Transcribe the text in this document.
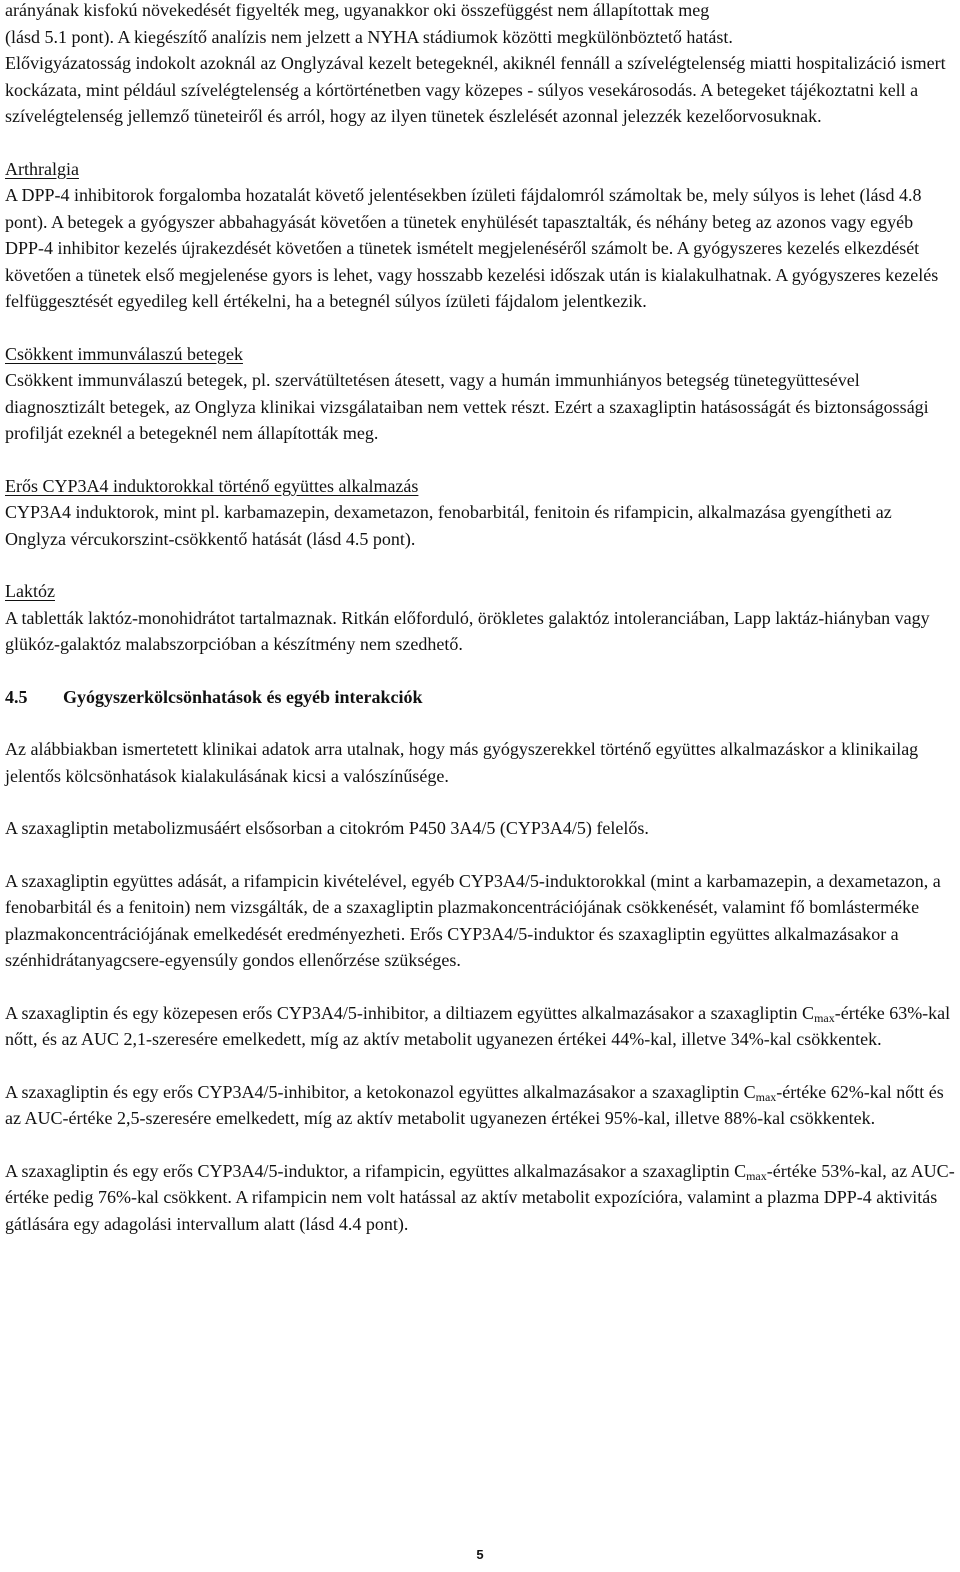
arányának kisfokú növekedését figyelték meg, ugyanakkor oki összefüggést nem állapítottak meg

(lásd 5.1 pont). A kiegészítő analízis nem jelzett a NYHA stádiumok közötti megkülönböztető hatást.

Elővigyázatosság indokolt azoknál az Onglyzával kezelt betegeknél, akiknél fennáll a szívelégtelenség miatti hospitalizáció ismert kockázata, mint például szívelégtelenség a kórtörténetben vagy közepes - súlyos vesekárosodás. A betegeket tájékoztatni kell a szívelégtelenség jellemző tüneteiről és arról, hogy az ilyen tünetek észlelését azonnal jelezzék kezelőorvosuknak.

Arthralgia

A DPP-4 inhibitorok forgalomba hozatalát követő jelentésekben ízületi fájdalomról számoltak be, mely súlyos is lehet (lásd 4.8 pont). A betegek a gyógyszer abbahagyását követően a tünetek enyhülését tapasztalták, és néhány beteg az azonos vagy egyéb DPP-4 inhibitor kezelés újrakezdését követően a tünetek ismételt megjelenéséről számolt be. A gyógyszeres kezelés elkezdését követően a tünetek első megjelenése gyors is lehet, vagy hosszabb kezelési időszak után is kialakulhatnak. A gyógyszeres kezelés felfüggesztését egyedileg kell értékelni, ha a betegnél súlyos ízületi fájdalom jelentkezik.

Csökkent immunválaszú betegek

Csökkent immunválaszú betegek, pl. szervátültetésen átesett, vagy a humán immunhiányos betegség tünetegyüttesével diagnosztizált betegek, az Onglyza klinikai vizsgálataiban nem vettek részt. Ezért a szaxagliptin hatásosságát és biztonságossági profilját ezeknél a betegeknél nem állapították meg.

Erős CYP3A4 induktorokkal történő együttes alkalmazás

CYP3A4 induktorok, mint pl. karbamazepin, dexametazon, fenobarbitál, fenitoin és rifampicin, alkalmazása gyengítheti az Onglyza vércukorszint-csökkentő hatását (lásd 4.5 pont).

Laktóz

A tabletták laktóz-monohidrátot tartalmaznak. Ritkán előforduló, örökletes galaktóz intoleranciában, Lapp laktáz-hiányban vagy glükóz-galaktóz malabszorpcióban a készítmény nem szedhető.

4.5 Gyógyszerkölcsönhatások és egyéb interakciók

Az alábbiakban ismertetett klinikai adatok arra utalnak, hogy más gyógyszerekkel történő együttes alkalmazáskor a klinikailag jelentős kölcsönhatások kialakulásának kicsi a valószínűsége.

A szaxagliptin metabolizmusáért elsősorban a citokróm P450 3A4/5 (CYP3A4/5) felelős.

A szaxagliptin együttes adását, a rifampicin kivételével, egyéb CYP3A4/5-induktorokkal (mint a karbamazepin, a dexametazon, a fenobarbitál és a fenitoin) nem vizsgálták, de a szaxagliptin plazmakoncentrációjának csökkenését, valamint fő bomlásterméke plazmakoncentrációjának emelkedését eredményezheti. Erős CYP3A4/5-induktor és szaxagliptin együttes alkalmazásakor a szénhidrátanyagcsere-egyensúly gondos ellenőrzése szükséges.

A szaxagliptin és egy közepesen erős CYP3A4/5-inhibitor, a diltiazem együttes alkalmazásakor a szaxagliptin $C_{max}$-értéke 63%-kal nőtt, és az AUC 2,1-szeresére emelkedett, míg az aktív metabolit ugyanezen értékei 44%-kal, illetve 34%-kal csökkentek.

A szaxagliptin és egy erős CYP3A4/5-inhibitor, a ketokonazol együttes alkalmazásakor a szaxagliptin $C_{max}$-értéke 62%-kal nőtt és az AUC-értéke 2,5-szeresére emelkedett, míg az aktív metabolit ugyanezen értékei 95%-kal, illetve 88%-kal csökkentek.

A szaxagliptin és egy erős CYP3A4/5-induktor, a rifampicin, együttes alkalmazásakor a szaxagliptin $C_{max}$-értéke 53%-kal, az AUC-értéke pedig 76%-kal csökkent. A rifampicin nem volt hatással az aktív metabolit expozícióra, valamint a plazma DPP-4 aktivitás gátlására egy adagolási intervallum alatt (lásd 4.4 pont).

5
